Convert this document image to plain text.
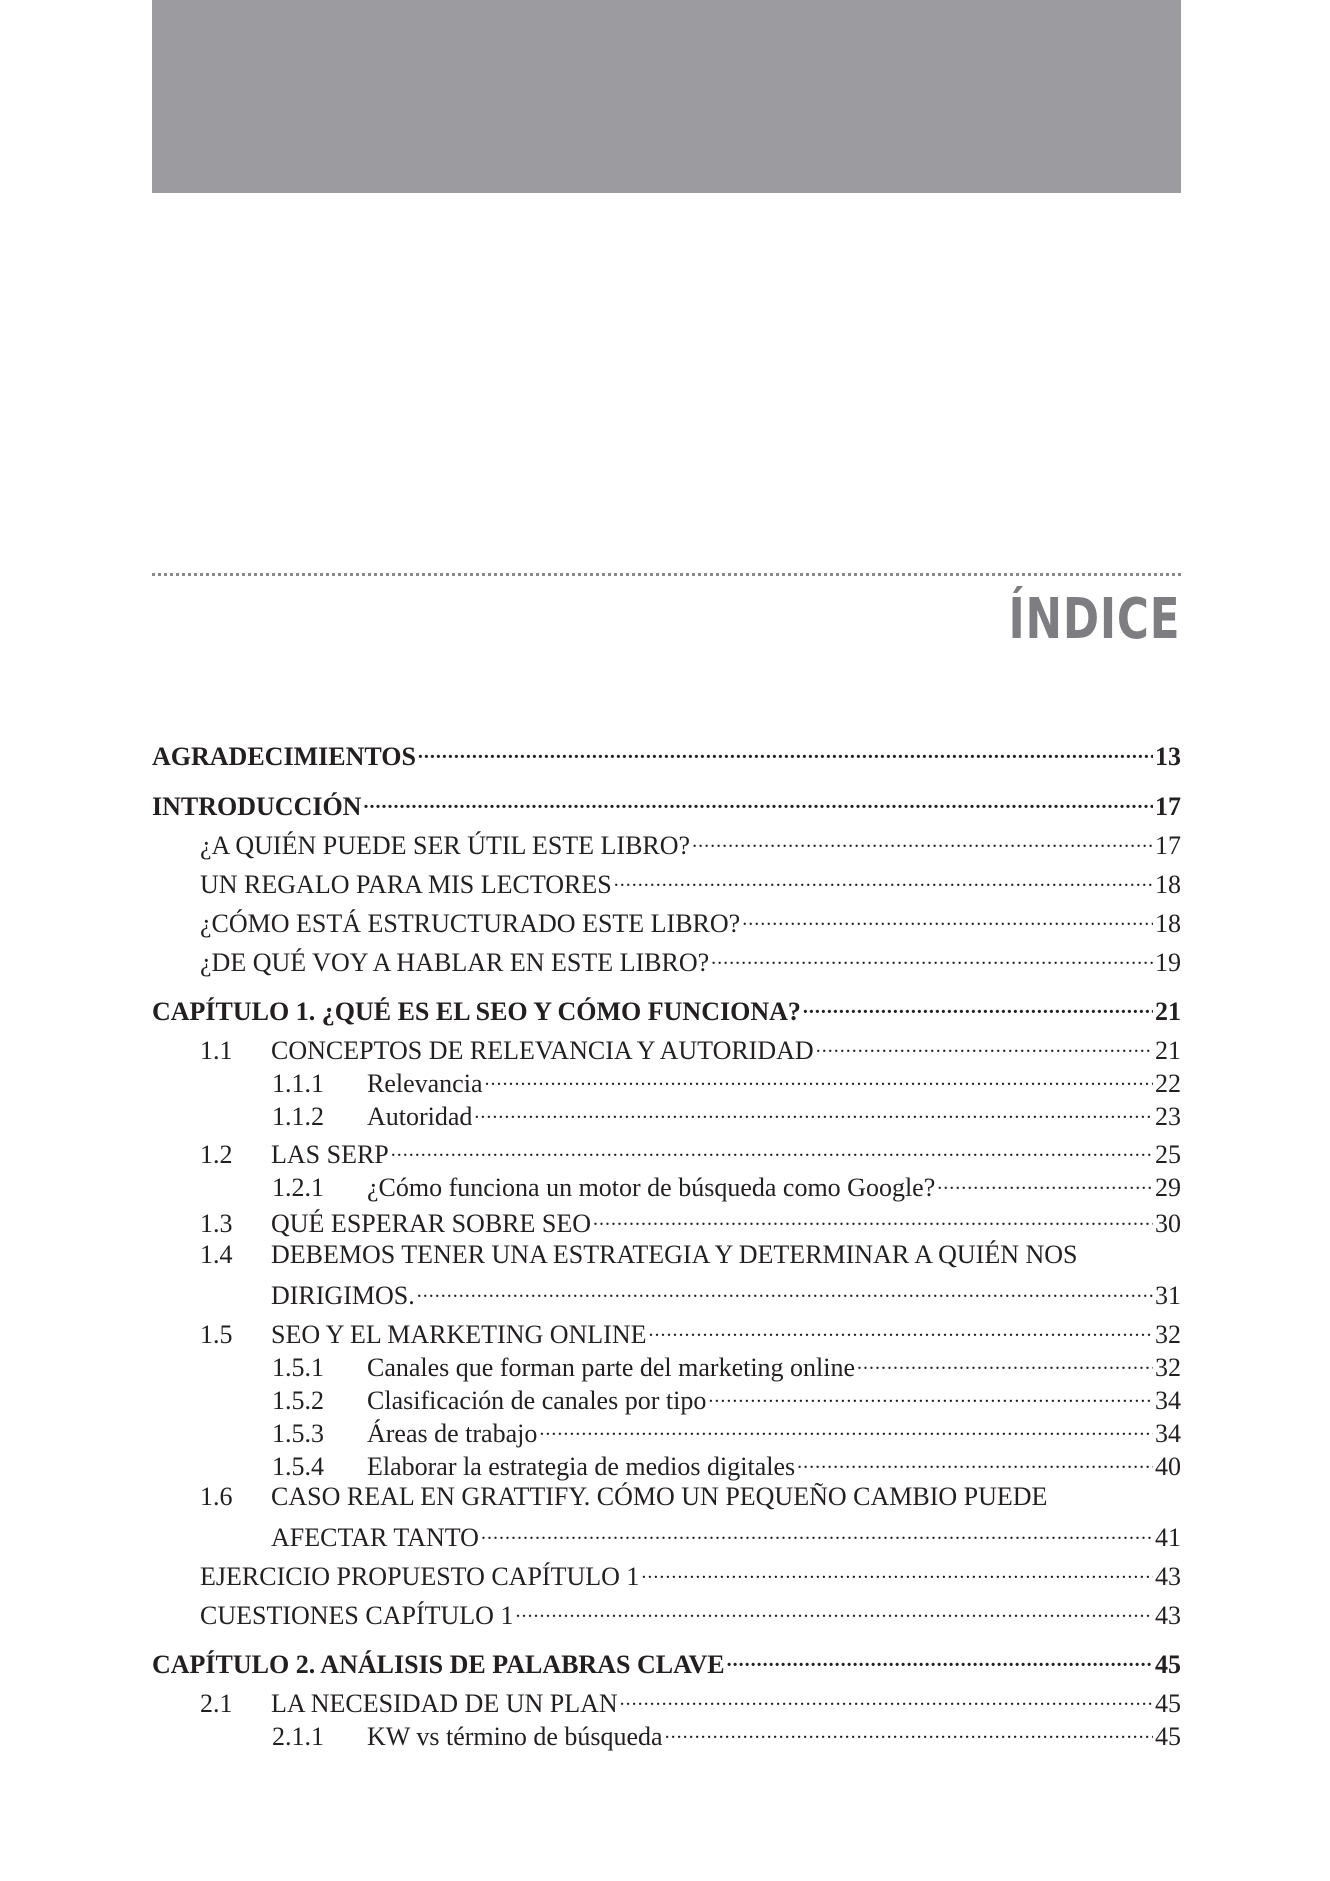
ÍNDICE
AGRADECIMIENTOS .....	13
INTRODUCCIÓN .....	17
¿A QUIÉN PUEDE SER ÚTIL ESTE LIBRO? .....	17
UN REGALO PARA MIS LECTORES .....	18
¿CÓMO ESTÁ ESTRUCTURADO ESTE LIBRO? .....	18
¿DE QUÉ VOY A HABLAR EN ESTE LIBRO? .....	19
CAPÍTULO 1. ¿QUÉ ES EL SEO Y CÓMO FUNCIONA? .....	21
1.1	CONCEPTOS DE RELEVANCIA Y AUTORIDAD .....	21
1.1.1	Relevancia .....	22
1.1.2	Autoridad .....	23
1.2	LAS SERP .....	25
1.2.1	¿Cómo funciona un motor de búsqueda como Google? .....	29
1.3	QUÉ ESPERAR SOBRE SEO .....	30
1.4 DEBEMOS TENER UNA ESTRATEGIA Y DETERMINAR A QUIÉN NOS
DIRIGIMOS. .....	31
1.5	SEO Y EL MARKETING ONLINE .....	32
1.5.1	Canales que forman parte del marketing online .....	32
1.5.2	Clasificación de canales por tipo .....	34
1.5.3	Áreas de trabajo .....	34
1.5.4	Elaborar la estrategia de medios digitales .....	40
1.6 CASO REAL EN GRATTIFY. CÓMO UN PEQUEÑO CAMBIO PUEDE
AFECTAR TANTO .....	41
EJERCICIO PROPUESTO CAPÍTULO 1 .....	43
CUESTIONES CAPÍTULO 1 .....	43
CAPÍTULO 2. ANÁLISIS DE PALABRAS CLAVE .....	45
2.1	LA NECESIDAD DE UN PLAN .....	45
2.1.1	KW vs término de búsqueda .....	45
